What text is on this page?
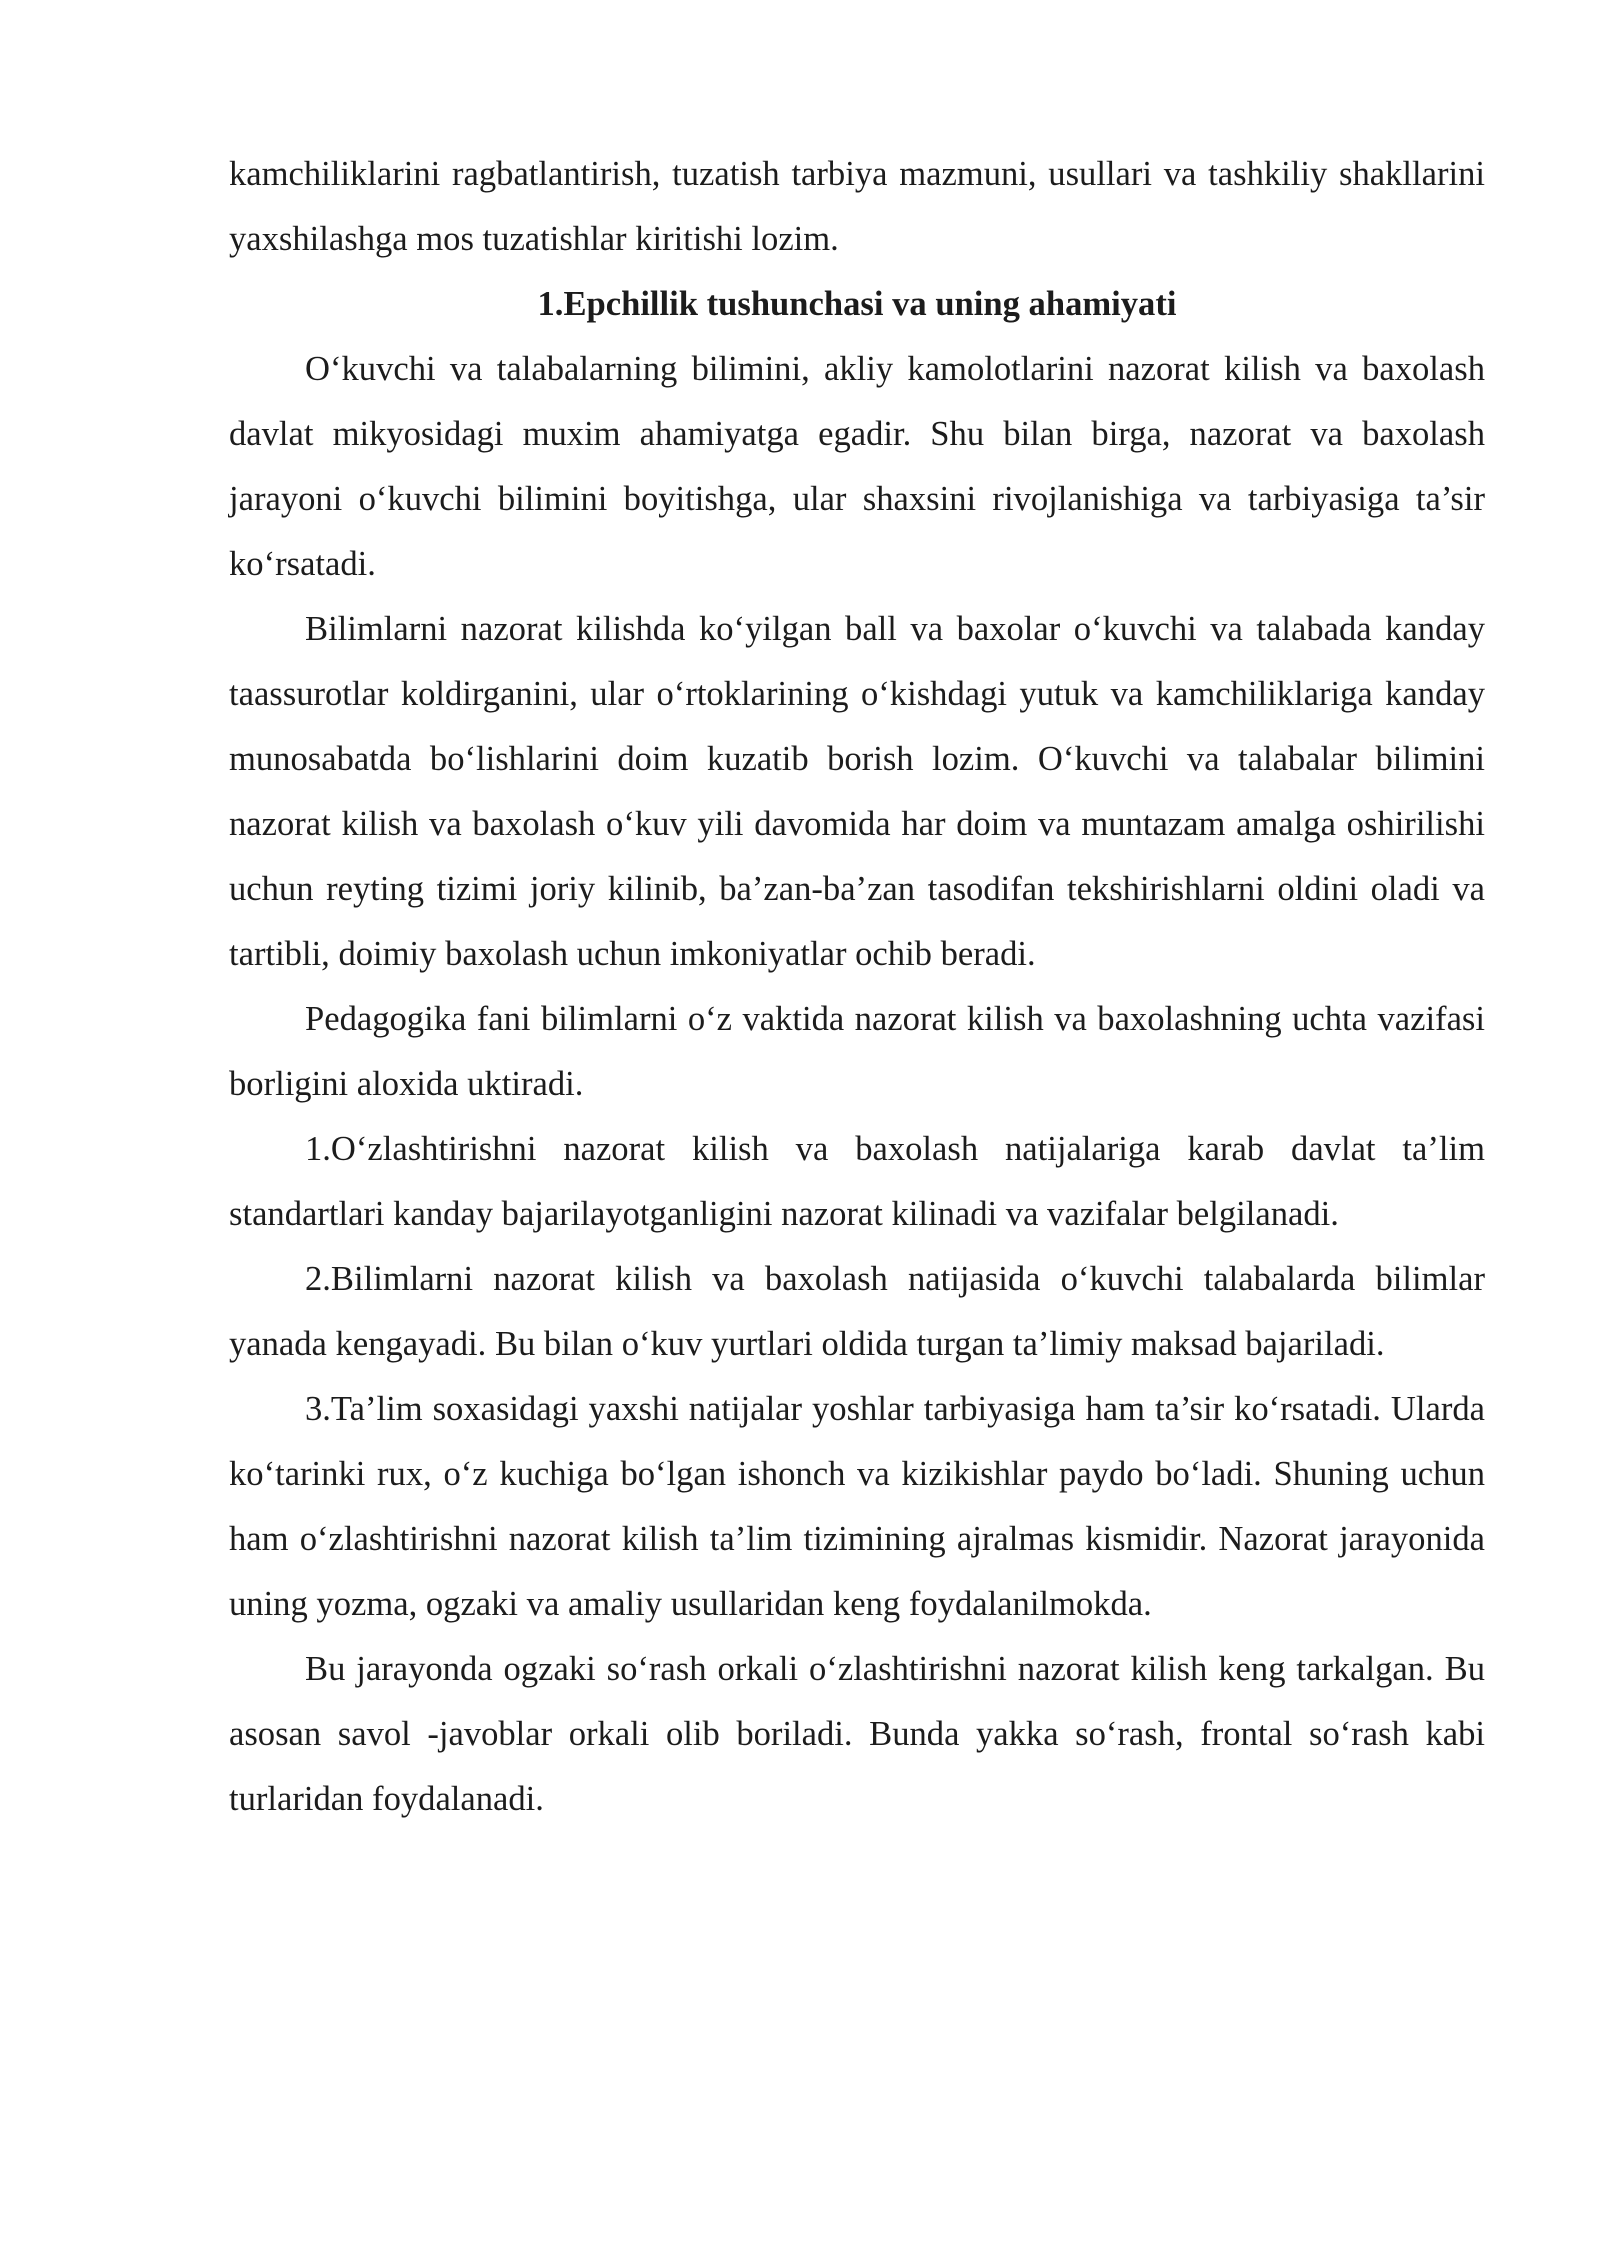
kamchiliklarini ragbatlantirish, tuzatish tarbiya mazmuni, usullari va tashkiliy shakllarini yaxshilashga mos tuzatishlar kiritishi lozim.

1.Epchillik tushunchasi va uning ahamiyati

O‘kuvchi va talabalarning bilimini, akliy kamolotlarini nazorat kilish va baxolash davlat mikyosidagi muxim ahamiyatga egadir. Shu bilan birga, nazorat va baxolash jarayoni o‘kuvchi bilimini boyitishga, ular shaxsini rivojlanishiga va tarbiyasiga ta’sir ko‘rsatadi.

Bilimlarni nazorat kilishda ko‘yilgan ball va baxolar o‘kuvchi va talabada kanday taassurotlar koldirganini, ular o‘rtoklarining o‘kishdagi yutuk va kamchiliklariga kanday munosabatda bo‘lishlarini doim kuzatib borish lozim. O‘kuvchi va talabalar bilimini nazorat kilish va baxolash o‘kuv yili davomida har doim va muntazam amalga oshirilishi uchun reyting tizimi joriy kilinib, ba’zan-ba’zan tasodifan tekshirishlarni oldini oladi va tartibli, doimiy baxolash uchun imkoniyatlar ochib beradi.

Pedagogika fani bilimlarni o‘z vaktida nazorat kilish va baxolashning uchta vazifasi borligini aloxida uktiradi.

1.O‘zlashtirishni nazorat kilish va baxolash natijalariga karab davlat ta’lim standartlari kanday bajarilayotganligini nazorat kilinadi va vazifalar belgilanadi.

2.Bilimlarni nazorat kilish va baxolash natijasida o‘kuvchi talabalarda bilimlar yanada kengayadi. Bu bilan o‘kuv yurtlari oldida turgan ta’limiy maksad bajariladi.

3.Ta’lim soxasidagi yaxshi natijalar yoshlar tarbiyasiga ham ta’sir ko‘rsatadi. Ularda ko‘tarinki rux, o‘z kuchiga bo‘lgan ishonch va kizikishlar paydo bo‘ladi. Shuning uchun ham o‘zlashtirishni nazorat kilish ta’lim tizimining ajralmas kismidir. Nazorat jarayonida uning yozma, ogzaki va amaliy usullaridan keng foydalanilmokda.

Bu jarayonda ogzaki so‘rash orkali o‘zlashtirishni nazorat kilish keng tarkalgan. Bu asosan savol -javoblar orkali olib boriladi. Bunda yakka so‘rash, frontal so‘rash kabi turlaridan foydalanadi.
